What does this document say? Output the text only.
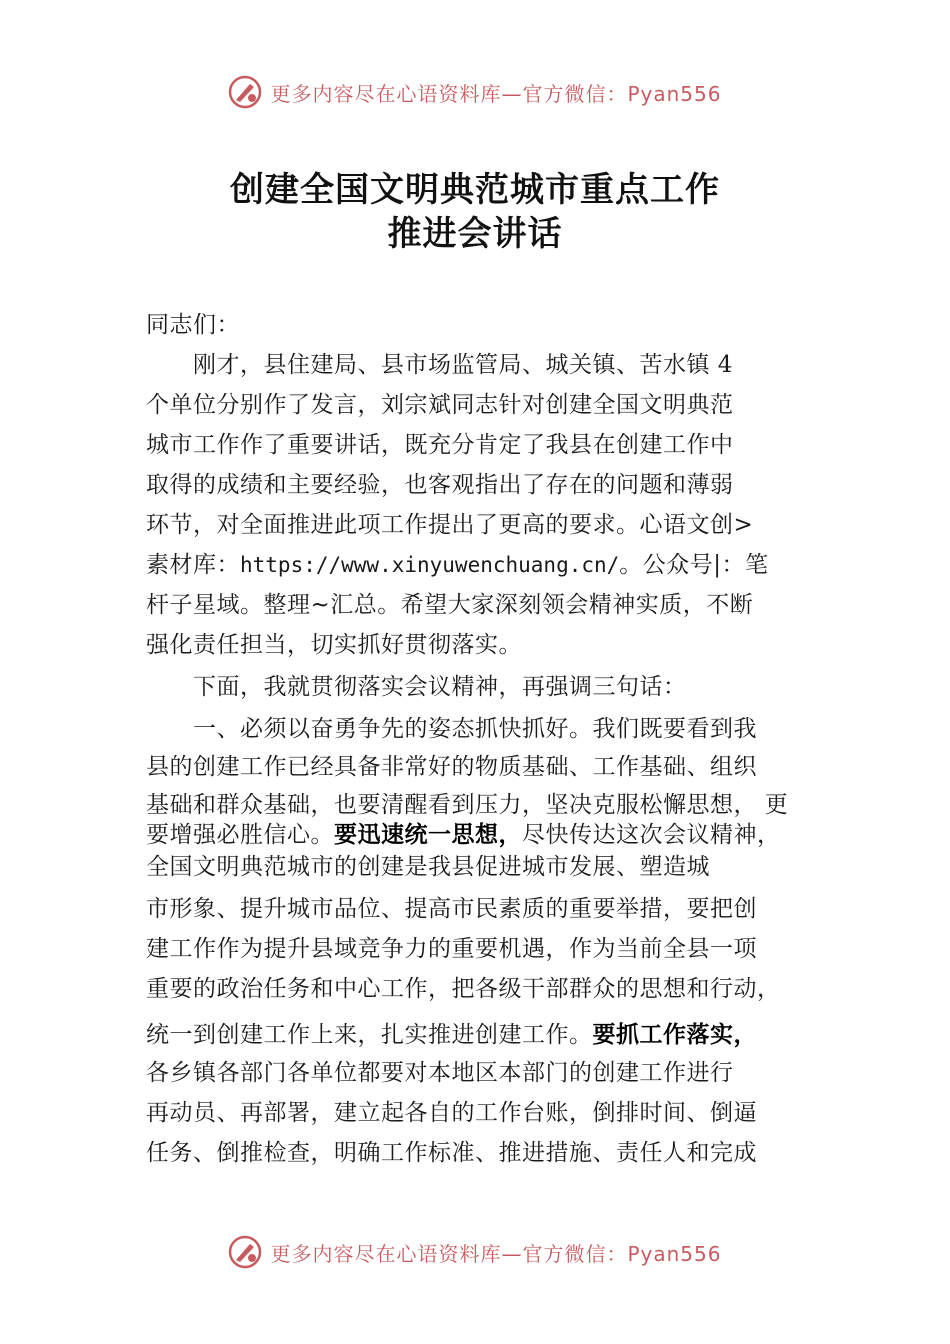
更多内容尽在心语资料库—官方微信：Pyan556
创建全国文明典范城市重点工作
推进会讲话
同志们：
　　刚才，县住建局、县市场监管局、城关镇、苦水镇 4
个单位分别作了发言，刘宗斌同志针对创建全国文明典范
城市工作作了重要讲话，既充分肯定了我县在创建工作中
取得的成绩和主要经验，也客观指出了存在的问题和薄弱
环节，对全面推进此项工作提出了更高的要求。心语文创>
素材库：https://www.xinyuwenchuang.cn/。公众号|：笔
杆子星域。整理~汇总。希望大家深刻领会精神实质，不断
强化责任担当，切实抓好贯彻落实。
　　下面，我就贯彻落实会议精神，再强调三句话：
　　一、必须以奋勇争先的姿态抓快抓好。我们既要看到我
县的创建工作已经具备非常好的物质基础、工作基础、组织
基础和群众基础，也要清醒看到压力，坚决克服松懈思想， 更
要增强必胜信心。要迅速统一思想，尽快传达这次会议精神，
全国文明典范城市的创建是我县促进城市发展、塑造城
市形象、提升城市品位、提高市民素质的重要举措，要把创
建工作作为提升县域竞争力的重要机遇，作为当前全县一项
重要的政治任务和中心工作，把各级干部群众的思想和行动，
统一到创建工作上来，扎实推进创建工作。要抓工作落实，
各乡镇各部门各单位都要对本地区本部门的创建工作进行
再动员、再部署，建立起各自的工作台账，倒排时间、倒逼
任务、倒推检查，明确工作标准、推进措施、责任人和完成
更多内容尽在心语资料库—官方微信：Pyan556
